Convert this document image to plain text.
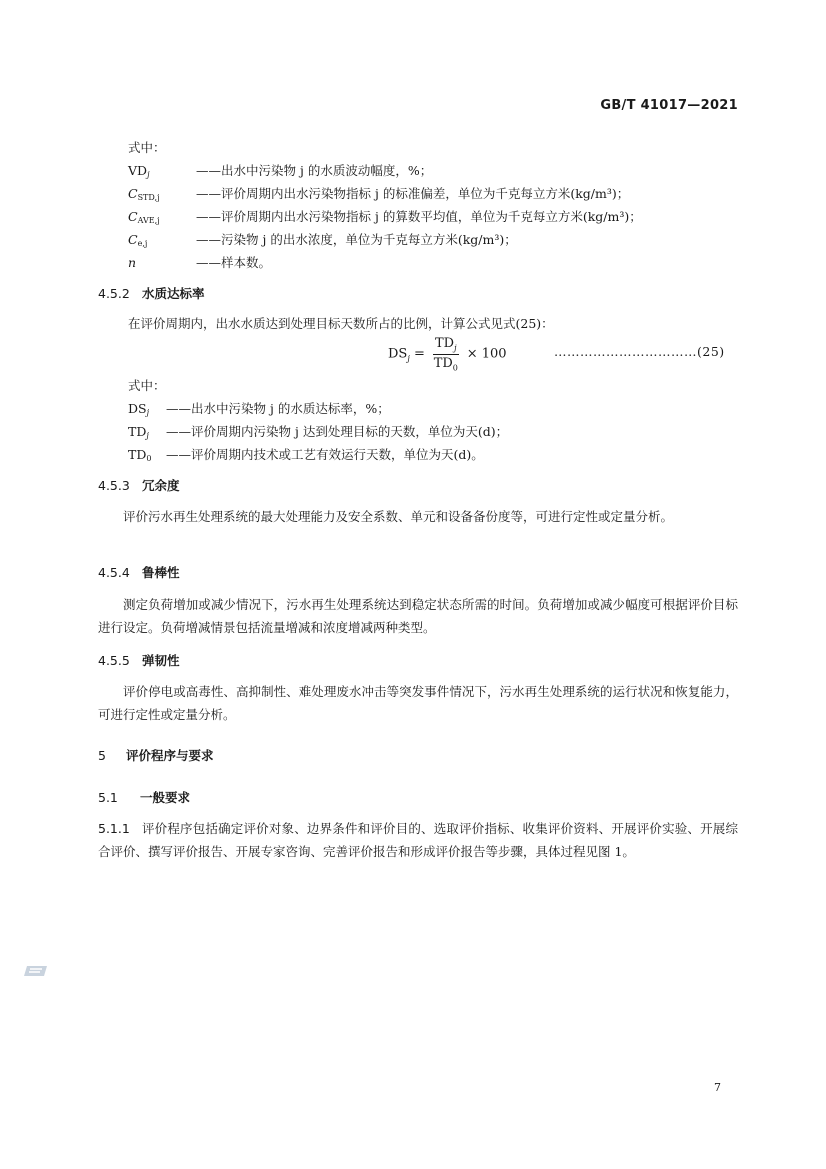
GB/T 41017—2021
式中：
$VD_j$	——出水中污染物 j 的水质波动幅度，%；
$C_{STD,j}$	——评价周期内出水污染物指标 j 的标准偏差，单位为千克每立方米(kg/m³)；
$C_{AVE,j}$	——评价周期内出水污染物指标 j 的算数平均值，单位为千克每立方米(kg/m³)；
$C_{e,j}$	——污染物 j 的出水浓度，单位为千克每立方米(kg/m³)；
n	——样本数。
4.5.2 水质达标率
在评价周期内，出水水质达到处理目标天数所占的比例，计算公式见式(25)：
$DS_j = \frac{TD_j}{TD_0} \times 100$	……………………………(25)
式中：
$DS_j$ ——出水中污染物 j 的水质达标率，%；
$TD_j$ ——评价周期内污染物 j 达到处理目标的天数，单位为天(d)；
$TD_0$ ——评价周期内技术或工艺有效运行天数，单位为天(d)。
4.5.3 冗余度
评价污水再生处理系统的最大处理能力及安全系数、单元和设备备份度等，可进行定性或定量分析。
4.5.4 鲁棒性
测定负荷增加或减少情况下，污水再生处理系统达到稳定状态所需的时间。负荷增加或减少幅度可根据评价目标进行设定。负荷增减情景包括流量增减和浓度增减两种类型。
4.5.5 弹韧性
评价停电或高毒性、高抑制性、难处理废水冲击等突发事件情况下，污水再生处理系统的运行状况和恢复能力，可进行定性或定量分析。
5 评价程序与要求
5.1 一般要求
5.1.1 评价程序包括确定评价对象、边界条件和评价目的、选取评价指标、收集评价资料、开展评价实验、开展综合评价、撰写评价报告、开展专家咨询、完善评价报告和形成评价报告等步骤，具体过程见图 1。
7
